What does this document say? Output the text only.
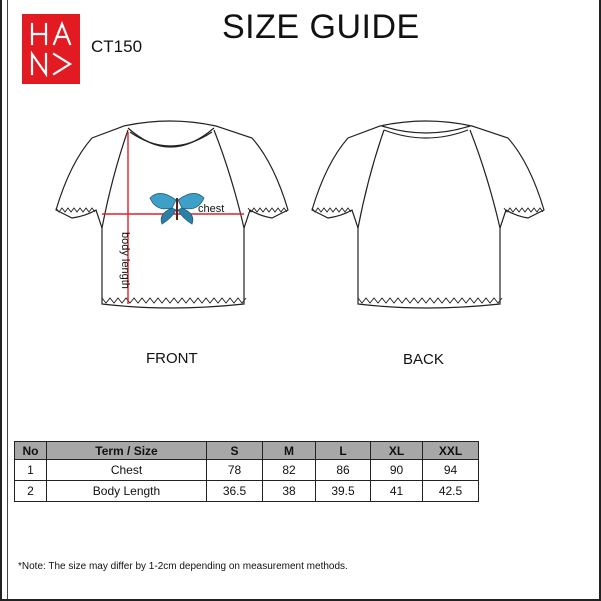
CT150
SIZE GUIDE
chest
body length
FRONT	BACK
No	Term / Size	S	M	L	XL	XXL
1	Chest	78	82	86	90	94
2	Body Length	36.5	38	39.5	41	42.5
*Note: The size may differ by 1-2cm depending on measurement methods.
